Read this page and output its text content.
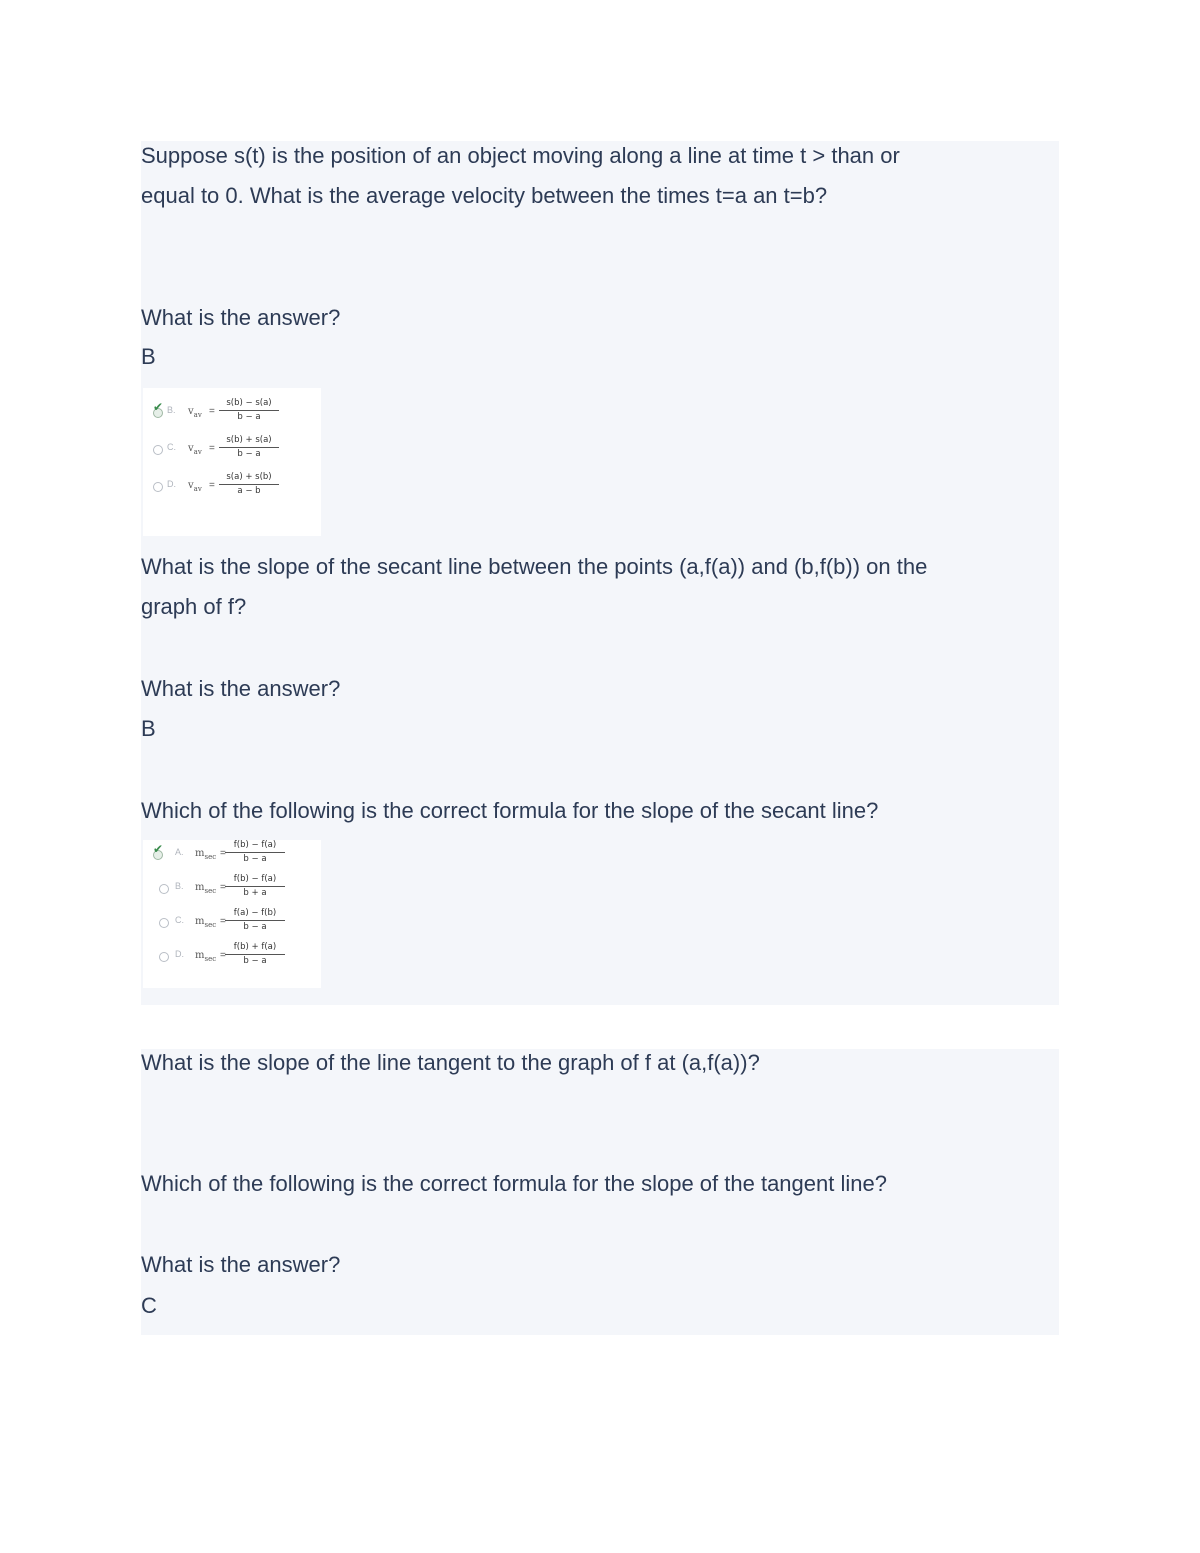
Suppose s(t) is the position of an object moving along a line at time t > than or
equal to 0. What is the average velocity between the times t=a an t=b?
What is the answer?
B
✔ B. $v_{av} = \frac{s(b) - s(a)}{b - a}$
C. $v_{av} = \frac{s(b) + s(a)}{b - a}$
D. $v_{av} = \frac{s(a) + s(b)}{a - b}$
What is the slope of the secant line between the points (a,f(a)) and (b,f(b)) on the
graph of f?
What is the answer?
B
Which of the following is the correct formula for the slope of the secant line?
✔ A. $m_{sec} = \frac{f(b) - f(a)}{b - a}$
B. $m_{sec} = \frac{f(b) - f(a)}{b + a}$
C. $m_{sec} = \frac{f(a) - f(b)}{b - a}$
D. $m_{sec} = \frac{f(b) + f(a)}{b - a}$
What is the slope of the line tangent to the graph of f at (a,f(a))?
Which of the following is the correct formula for the slope of the tangent line?
What is the answer?
C
